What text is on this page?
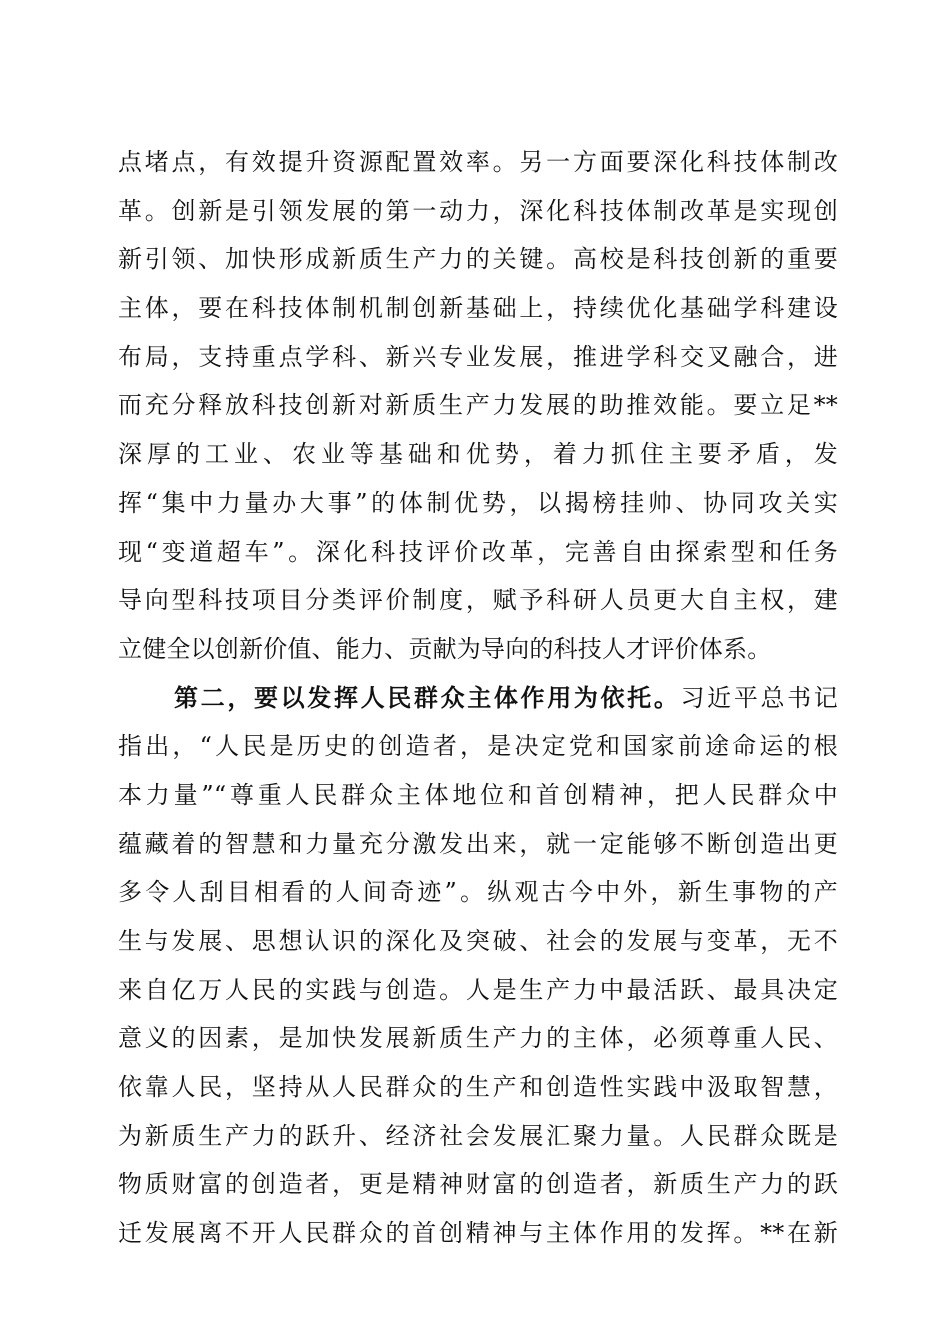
点堵点，有效提升资源配置效率。另一方面要深化科技体制改
革。创新是引领发展的第一动力，深化科技体制改革是实现创
新引领、加快形成新质生产力的关键。高校是科技创新的重要
主体，要在科技体制机制创新基础上，持续优化基础学科建设
布局，支持重点学科、新兴专业发展，推进学科交叉融合，进
而充分释放科技创新对新质生产力发展的助推效能。要立足**
深厚的工业、农业等基础和优势，着力抓住主要矛盾，发
挥“集中力量办大事”的体制优势，以揭榜挂帅、协同攻关实
现“变道超车”。深化科技评价改革，完善自由探索型和任务
导向型科技项目分类评价制度，赋予科研人员更大自主权，建
立健全以创新价值、能力、贡献为导向的科技人才评价体系。
第二，要以发挥人民群众主体作用为依托。习近平总书记
指出，“人民是历史的创造者，是决定党和国家前途命运的根
本力量”“尊重人民群众主体地位和首创精神，把人民群众中
蕴藏着的智慧和力量充分激发出来，就一定能够不断创造出更
多令人刮目相看的人间奇迹”。纵观古今中外，新生事物的产
生与发展、思想认识的深化及突破、社会的发展与变革，无不
来自亿万人民的实践与创造。人是生产力中最活跃、最具决定
意义的因素，是加快发展新质生产力的主体，必须尊重人民、
依靠人民，坚持从人民群众的生产和创造性实践中汲取智慧，
为新质生产力的跃升、经济社会发展汇聚力量。人民群众既是
物质财富的创造者，更是精神财富的创造者，新质生产力的跃
迁发展离不开人民群众的首创精神与主体作用的发挥。**在新
